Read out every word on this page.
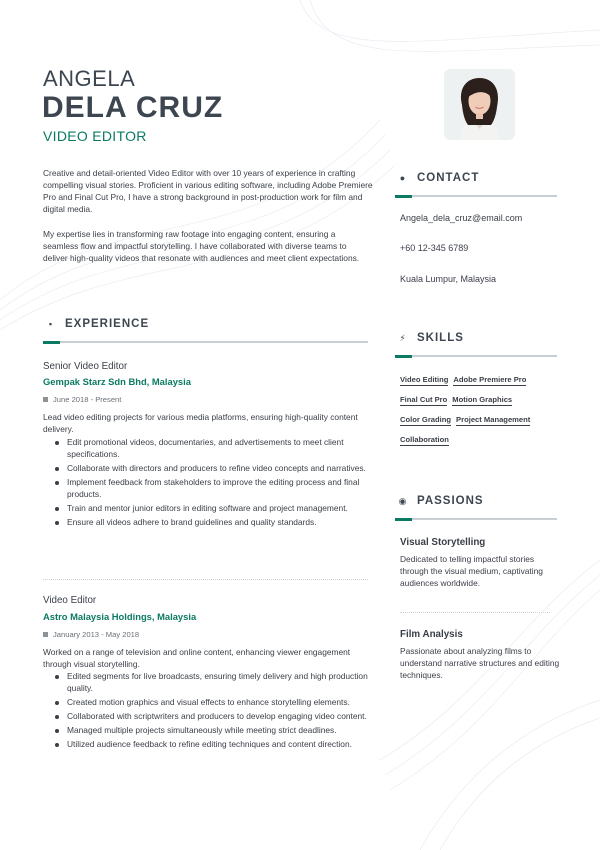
ANGELA
DELA CRUZ
VIDEO EDITOR

Creative and detail-oriented Video Editor with over 10 years of experience in crafting compelling visual stories. Proficient in various editing software, including Adobe Premiere Pro and Final Cut Pro, I have a strong background in post-production work for film and digital media.

My expertise lies in transforming raw footage into engaging content, ensuring a seamless flow and impactful storytelling. I have collaborated with diverse teams to deliver high-quality videos that resonate with audiences and meet client expectations.

▪ EXPERIENCE
Senior Video Editor
Gempak Starz Sdn Bhd, Malaysia
June 2018 - Present

Lead video editing projects for various media platforms, ensuring high-quality content delivery.

Edit promotional videos, documentaries, and advertisements to meet client specifications.
Collaborate with directors and producers to refine video concepts and narratives.
Implement feedback from stakeholders to improve the editing process and final products.
Train and mentor junior editors in editing software and project management.
Ensure all videos adhere to brand guidelines and quality standards.
Video Editor
Astro Malaysia Holdings, Malaysia
January 2013 - May 2018

Worked on a range of television and online content, enhancing viewer engagement through visual storytelling.

Edited segments for live broadcasts, ensuring timely delivery and high production quality.
Created motion graphics and visual effects to enhance storytelling elements.
Collaborated with scriptwriters and producers to develop engaging video content.
Managed multiple projects simultaneously while meeting strict deadlines.
Utilized audience feedback to refine editing techniques and content direction.
● CONTACT
Angela_dela_cruz@email.com
+60 12-345 6789
Kuala Lumpur, Malaysia
⚡ SKILLS
Video Editing Adobe Premiere Pro
Final Cut Pro Motion Graphics
Color Grading Project Management
Collaboration
◉ PASSIONS
Visual Storytelling

Dedicated to telling impactful stories through the visual medium, captivating audiences worldwide.

Film Analysis

Passionate about analyzing films to understand narrative structures and editing techniques.
